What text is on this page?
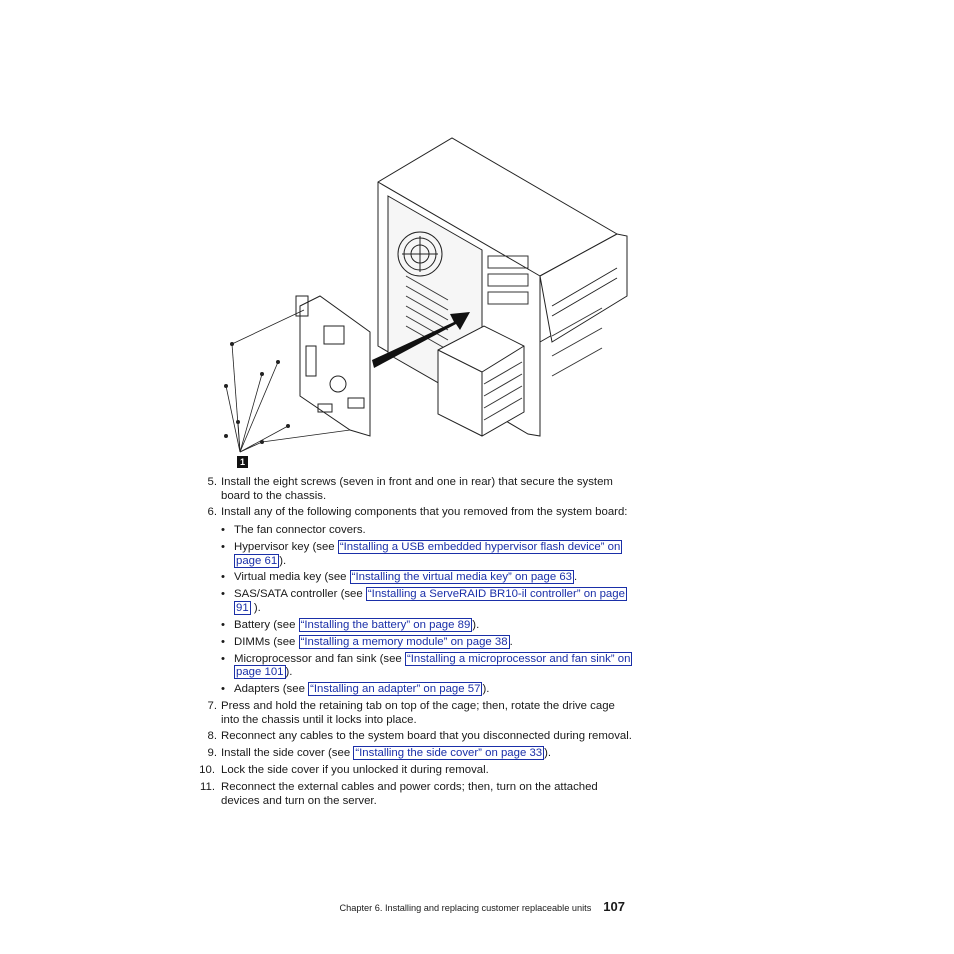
1
5. Install the eight screws (seven in front and one in rear) that secure the system board to the chassis.
6. Install any of the following components that you removed from the system board:
• The fan connector covers.
• Hypervisor key (see “Installing a USB embedded hypervisor flash device” on page 61 ).
• Virtual media key (see “Installing the virtual media key” on page 63 .
• SAS/SATA controller (see “Installing a ServeRAID BR10-il controller” on page 91 ).
• Battery (see “Installing the battery” on page 89 ).
• DIMMs (see “Installing a memory module” on page 38 .
• Microprocessor and fan sink (see “Installing a microprocessor and fan sink” on page 101 ).
• Adapters (see “Installing an adapter” on page 57 ).
7. Press and hold the retaining tab on top of the cage; then, rotate the drive cage into the chassis until it locks into place.
8. Reconnect any cables to the system board that you disconnected during removal.
9. Install the side cover (see “Installing the side cover” on page 33 ).
10. Lock the side cover if you unlocked it during removal.
11. Reconnect the external cables and power cords; then, turn on the attached devices and turn on the server.
Chapter 6. Installing and replacing customer replaceable units 107
